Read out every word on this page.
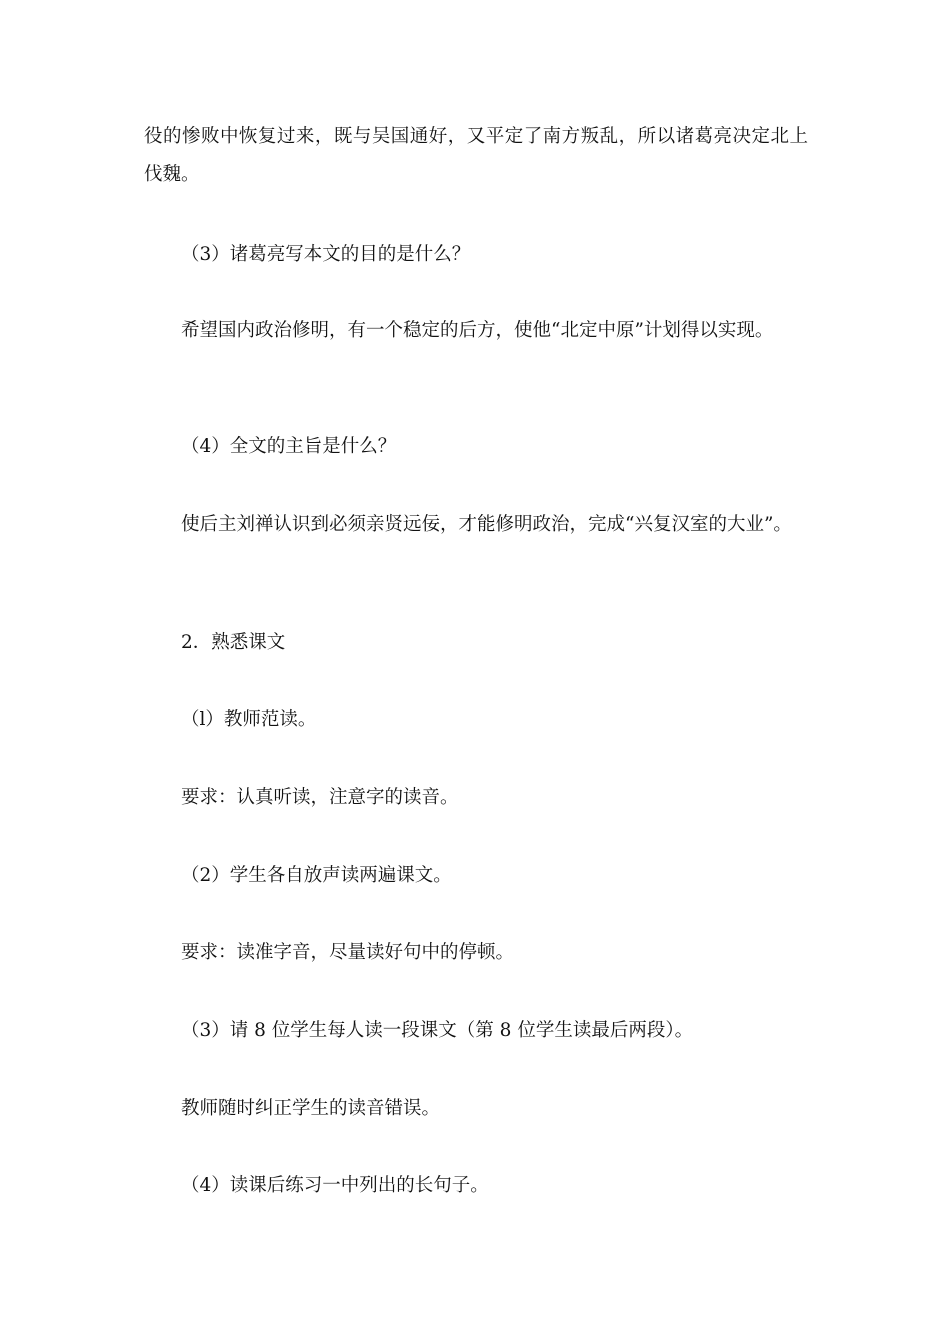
役的惨败中恢复过来，既与吴国通好，又平定了南方叛乱，所以诸葛亮决定北上伐魏。

（3）诸葛亮写本文的目的是什么？

希望国内政治修明，有一个稳定的后方，使他“北定中原”计划得以实现。

（4）全文的主旨是什么？

使后主刘禅认识到必须亲贤远佞，才能修明政治，完成“兴复汉室的大业”。

2．熟悉课文

（l）教师范读。

要求：认真听读，注意字的读音。

（2）学生各自放声读两遍课文。

要求：读准字音，尽量读好句中的停顿。

（3）请 8 位学生每人读一段课文（第 8 位学生读最后两段）。

教师随时纠正学生的读音错误。

（4）读课后练习一中列出的长句子。
